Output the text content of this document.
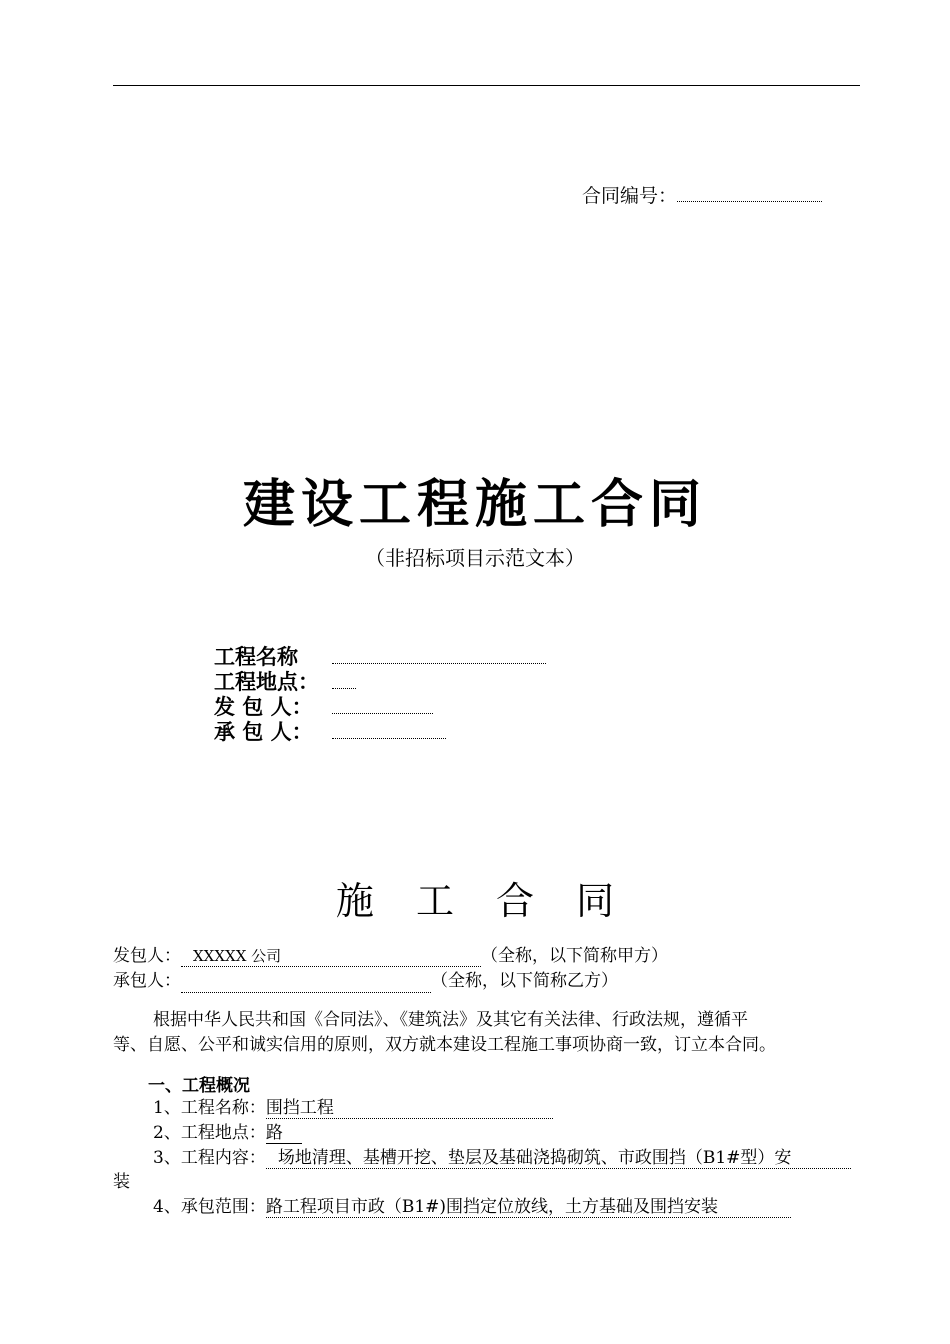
合同编号：
建设工程施工合同
（非招标项目示范文本）
工程名称
工程地点：
发 包 人：
承 包 人：
施 工 合 同
发包人： XXXXX 公司	（全称，以下简称甲方）
承包人：	（全称，以下简称乙方）
根据中华人民共和国《合同法》、《建筑法》及其它有关法律、行政法规，遵循平
等、自愿、公平和诚实信用的原则，双方就本建设工程施工事项协商一致，订立本合同。
一、工程概况
1、工程名称：围挡工程
2、工程地点：路
3、工程内容： 场地清理、基槽开挖、垫层及基础浇捣砌筑、市政围挡（B1#型）安
装
4、承包范围：路工程项目市政（B1#)围挡定位放线，土方基础及围挡安装
